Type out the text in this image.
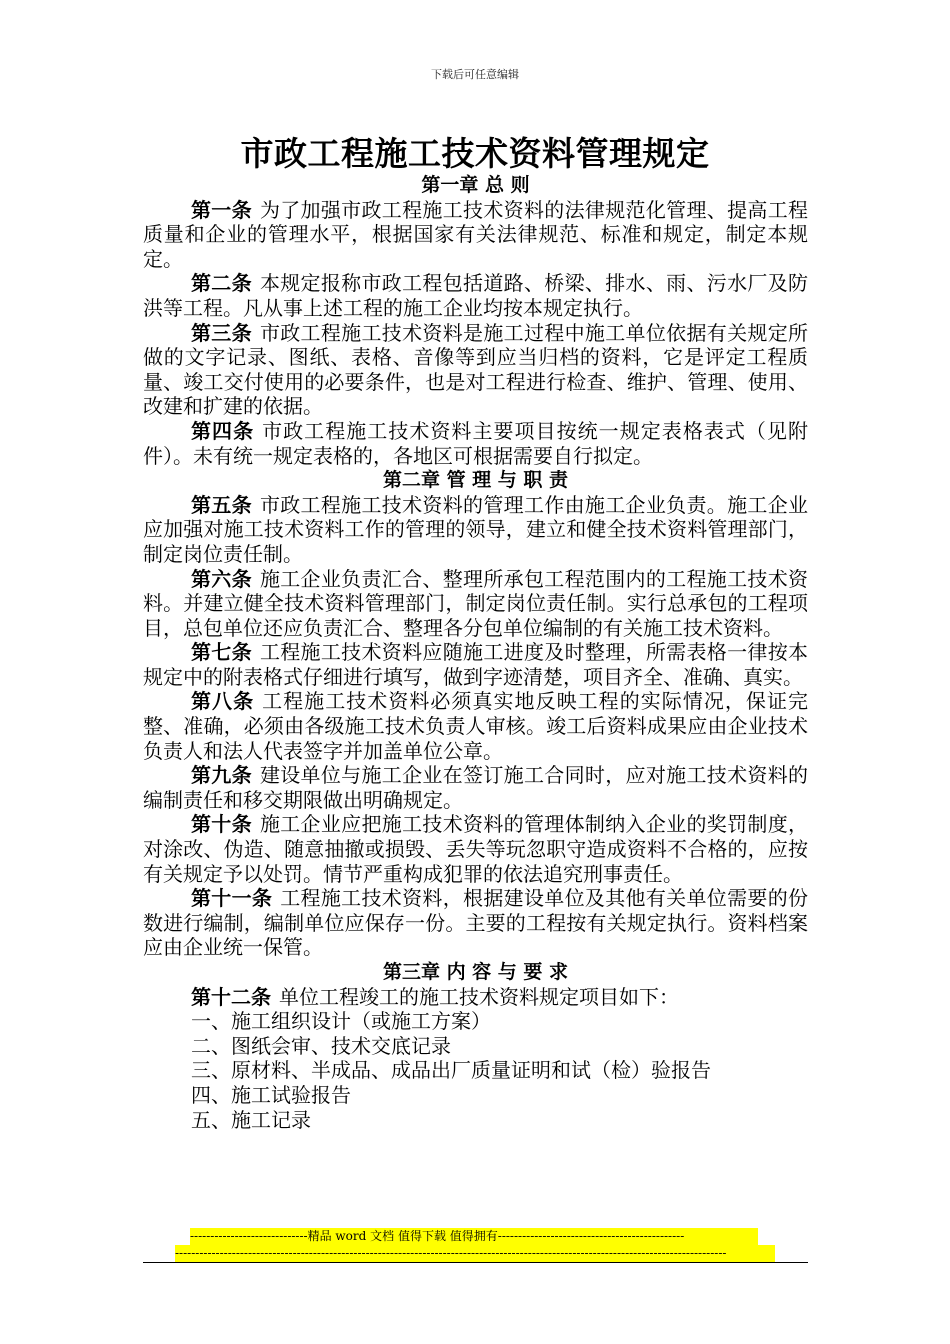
下载后可任意编辑
市政工程施工技术资料管理规定
第一章 总 则
第一条 为了加强市政工程施工技术资料的法律规范化管理、提高工程质量和企业的管理水平，根据国家有关法律规范、标准和规定，制定本规定。
第二条 本规定报称市政工程包括道路、桥梁、排水、雨、污水厂及防洪等工程。凡从事上述工程的施工企业均按本规定执行。
第三条 市政工程施工技术资料是施工过程中施工单位依据有关规定所做的文字记录、图纸、表格、音像等到应当归档的资料，它是评定工程质量、竣工交付使用的必要条件，也是对工程进行检查、维护、管理、使用、改建和扩建的依据。
第四条 市政工程施工技术资料主要项目按统一规定表格表式（见附件）。未有统一规定表格的，各地区可根据需要自行拟定。
第二章 管 理 与 职 责
第五条 市政工程施工技术资料的管理工作由施工企业负责。施工企业应加强对施工技术资料工作的管理的领导，建立和健全技术资料管理部门，制定岗位责任制。
第六条 施工企业负责汇合、整理所承包工程范围内的工程施工技术资料。并建立健全技术资料管理部门，制定岗位责任制。实行总承包的工程项目，总包单位还应负责汇合、整理各分包单位编制的有关施工技术资料。
第七条 工程施工技术资料应随施工进度及时整理，所需表格一律按本规定中的附表格式仔细进行填写，做到字迹清楚，项目齐全、准确、真实。
第八条 工程施工技术资料必须真实地反映工程的实际情况，保证完整、准确，必须由各级施工技术负责人审核。竣工后资料成果应由企业技术负责人和法人代表签字并加盖单位公章。
第九条 建设单位与施工企业在签订施工合同时，应对施工技术资料的编制责任和移交期限做出明确规定。
第十条 施工企业应把施工技术资料的管理体制纳入企业的奖罚制度，对涂改、伪造、随意抽撤或损毁、丢失等玩忽职守造成资料不合格的，应按有关规定予以处罚。情节严重构成犯罪的依法追究刑事责任。
第十一条 工程施工技术资料，根据建设单位及其他有关单位需要的份数进行编制，编制单位应保存一份。主要的工程按有关规定执行。资料档案应由企业统一保管。
第三章 内 容 与 要 求
第十二条 单位工程竣工的施工技术资料规定项目如下：
一、施工组织设计（或施工方案）
二、图纸会审、技术交底记录
三、原材料、半成品、成品出厂质量证明和试（检）验报告
四、施工试验报告
五、施工记录
-----------------------------精品 word 文档 值得下载 值得拥有----------------------------------------------
----------------------------------------------------------------------------------------------------------------------------------------
